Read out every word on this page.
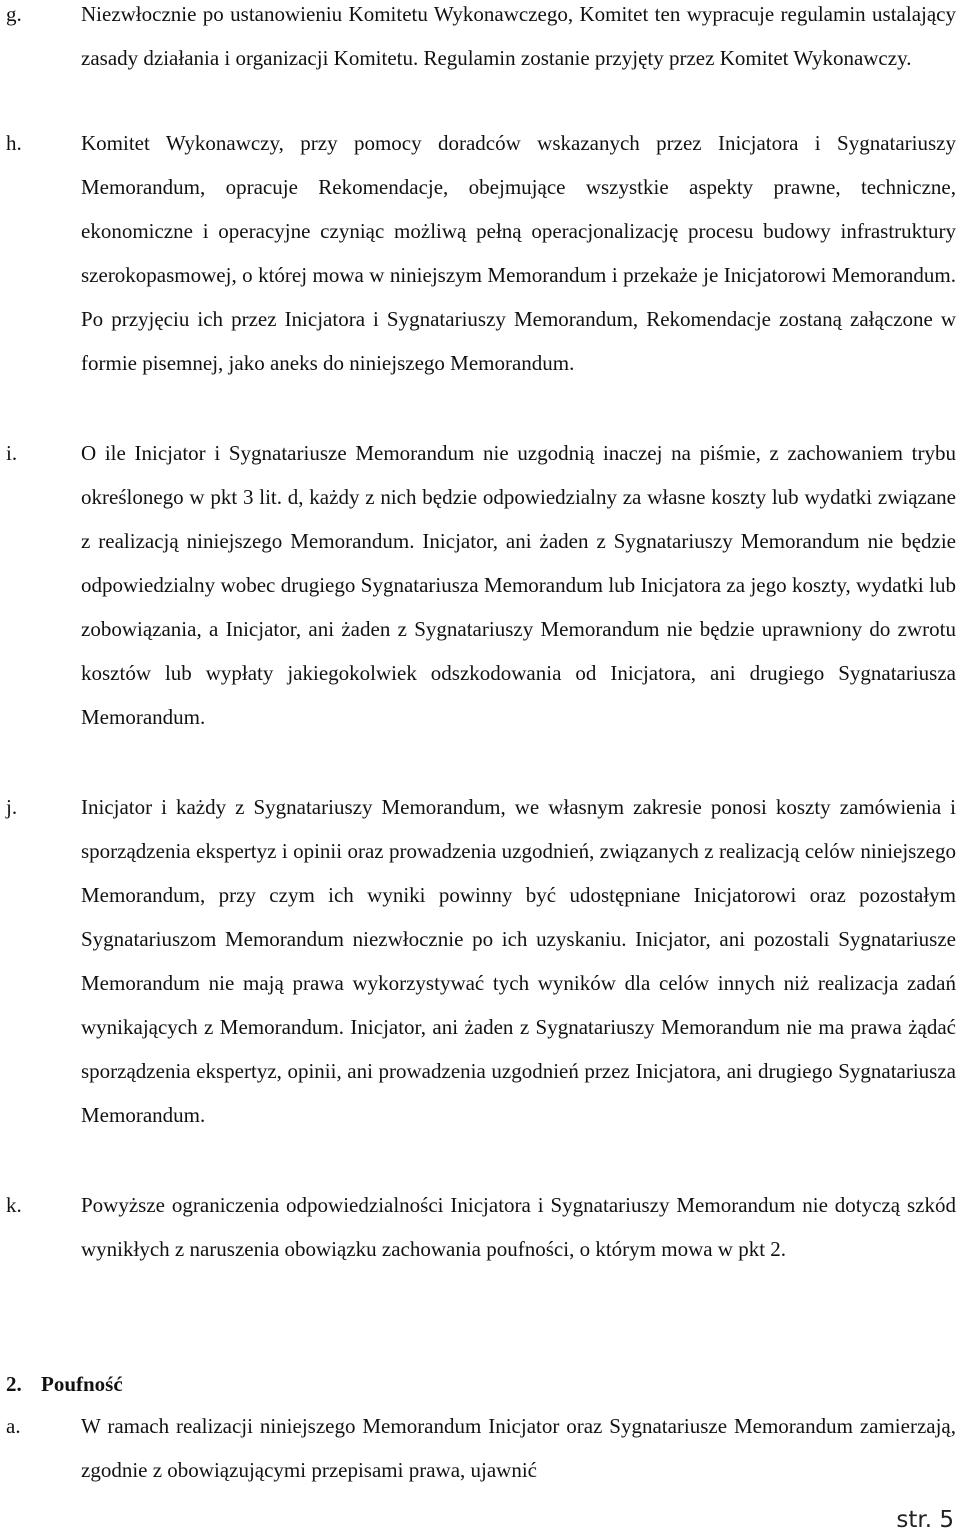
g.	Niezwłocznie po ustanowieniu Komitetu Wykonawczego, Komitet ten wypracuje regulamin ustalający zasady działania i organizacji Komitetu. Regulamin zostanie przyjęty przez Komitet Wykonawczy.
h.	Komitet Wykonawczy, przy pomocy doradców wskazanych przez Inicjatora i Sygnatariuszy Memorandum, opracuje Rekomendacje, obejmujące wszystkie aspekty prawne, techniczne, ekonomiczne i operacyjne czyniąc możliwą pełną operacjonalizację procesu budowy infrastruktury szerokopasmowej, o której mowa w niniejszym Memorandum i przekaże je Inicjatorowi Memorandum. Po przyjęciu ich przez Inicjatora i Sygnatariuszy Memorandum, Rekomendacje zostaną załączone w formie pisemnej, jako aneks do niniejszego Memorandum.
i.	O ile Inicjator i Sygnatariusze Memorandum nie uzgodnią inaczej na piśmie, z zachowaniem trybu określonego w pkt 3 lit. d, każdy z nich będzie odpowiedzialny za własne koszty lub wydatki związane z realizacją niniejszego Memorandum. Inicjator, ani żaden z Sygnatariuszy Memorandum nie będzie odpowiedzialny wobec drugiego Sygnatariusza Memorandum lub Inicjatora za jego koszty, wydatki lub zobowiązania, a Inicjator, ani żaden z Sygnatariuszy Memorandum nie będzie uprawniony do zwrotu kosztów lub wypłaty jakiegokolwiek odszkodowania od Inicjatora, ani drugiego Sygnatariusza Memorandum.
j.	Inicjator i każdy z Sygnatariuszy Memorandum, we własnym zakresie ponosi koszty zamówienia i sporządzenia ekspertyz i opinii oraz prowadzenia uzgodnień, związanych z realizacją celów niniejszego Memorandum, przy czym ich wyniki powinny być udostępniane Inicjatorowi oraz pozostałym Sygnatariuszom Memorandum niezwłocznie po ich uzyskaniu. Inicjator, ani pozostali Sygnatariusze Memorandum nie mają prawa wykorzystywać tych wyników dla celów innych niż realizacja zadań wynikających z Memorandum. Inicjator, ani żaden z Sygnatariuszy Memorandum nie ma prawa żądać sporządzenia ekspertyz, opinii, ani prowadzenia uzgodnień przez Inicjatora, ani drugiego Sygnatariusza Memorandum.
k.	Powyższe ograniczenia odpowiedzialności Inicjatora i Sygnatariuszy Memorandum nie dotyczą szkód wynikłych z naruszenia obowiązku zachowania poufności, o którym mowa w pkt 2.
2. Poufność
a.	W ramach realizacji niniejszego Memorandum Inicjator oraz Sygnatariusze Memorandum zamierzają, zgodnie z obowiązującymi przepisami prawa, ujawnić
str. 5
